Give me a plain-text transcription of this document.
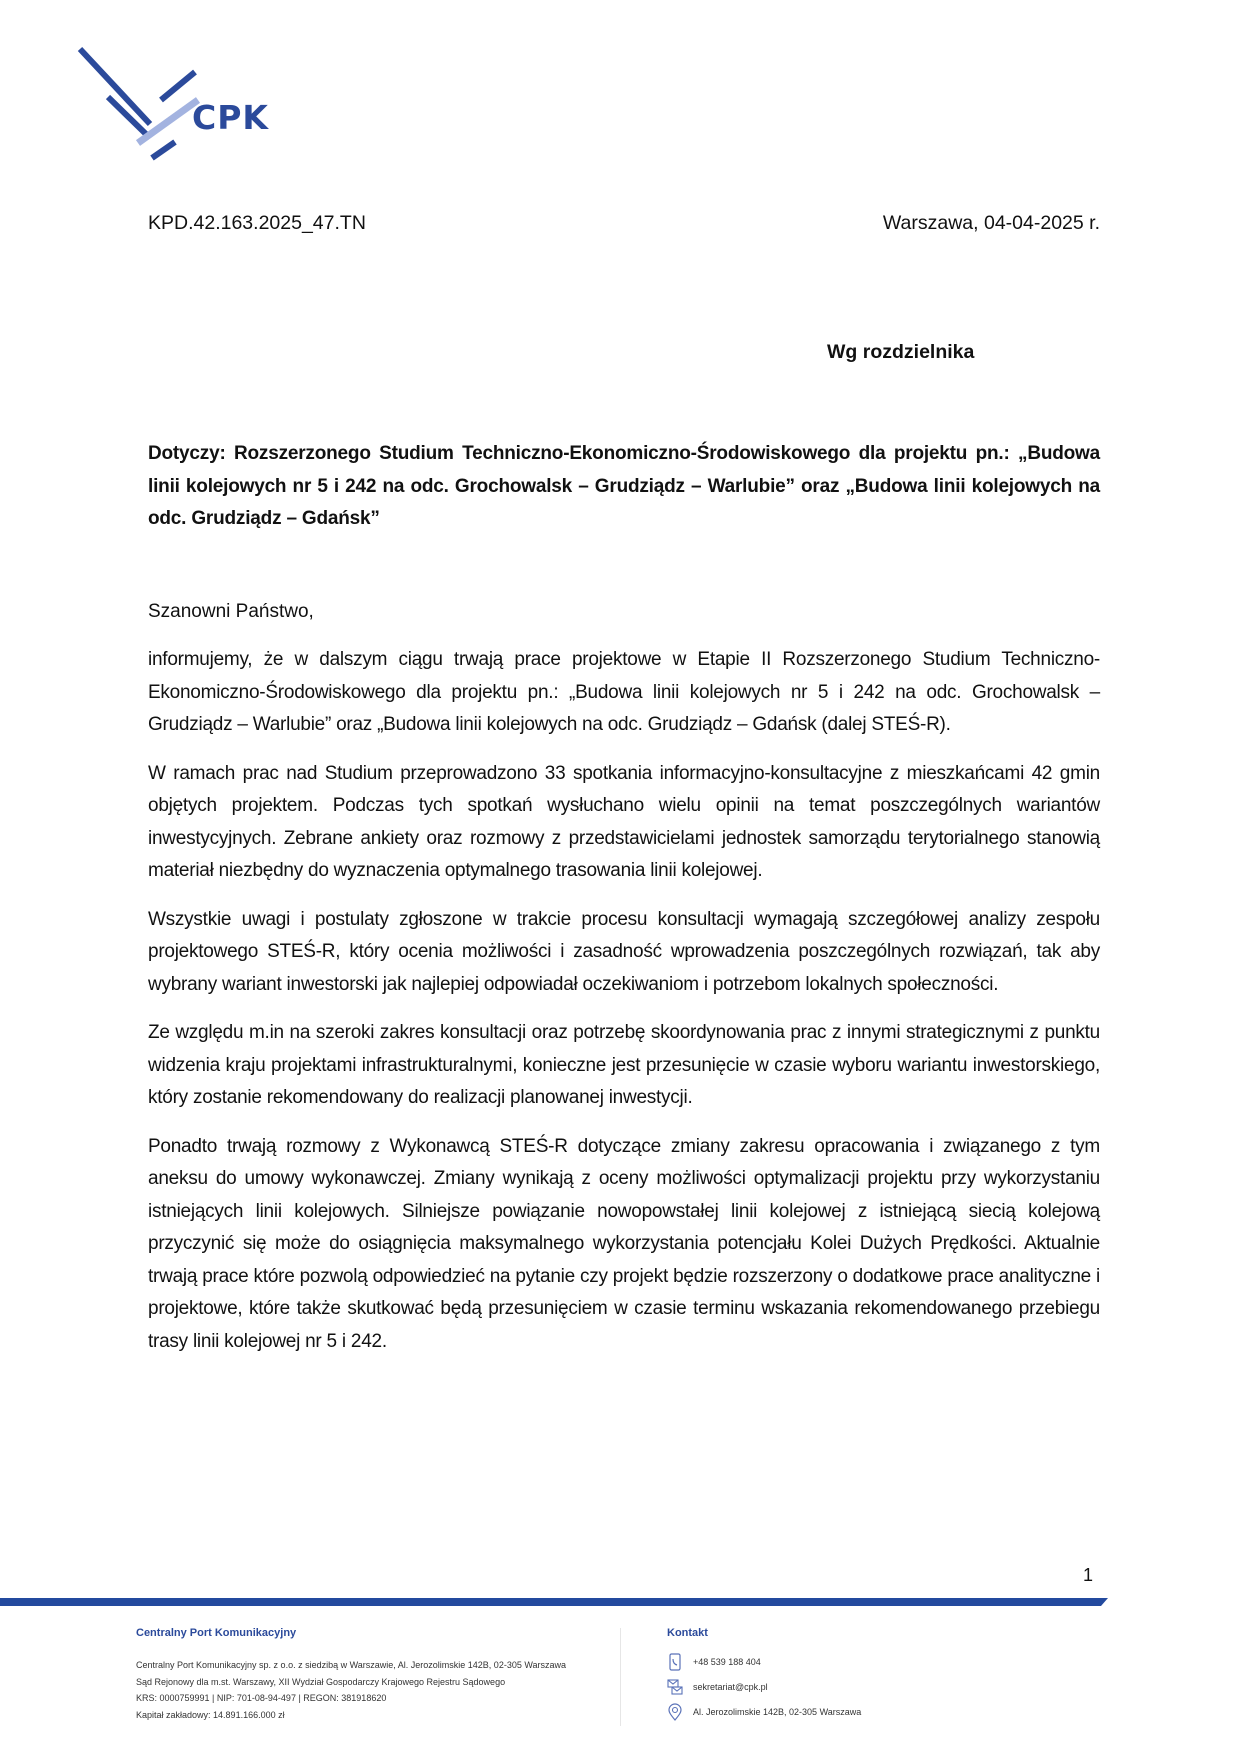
CPK
KPD.42.163.2025_47.TN	Warszawa, 04-04-2025 r.
Wg rozdzielnika

Dotyczy: Rozszerzonego Studium Techniczno-Ekonomiczno-Środowiskowego dla projektu pn.: „Budowa linii kolejowych nr 5 i 242 na odc. Grochowalsk – Grudziądz – Warlubie” oraz „Budowa linii kolejowych na odc. Grudziądz – Gdańsk”

Szanowni Państwo,

informujemy, że w dalszym ciągu trwają prace projektowe w Etapie II Rozszerzonego Studium Techniczno-Ekonomiczno-Środowiskowego dla projektu pn.: „Budowa linii kolejowych nr 5 i 242 na odc. Grochowalsk – Grudziądz – Warlubie” oraz „Budowa linii kolejowych na odc. Grudziądz – Gdańsk (dalej STEŚ-R).

W ramach prac nad Studium przeprowadzono 33 spotkania informacyjno-konsultacyjne z mieszkańcami 42 gmin objętych projektem. Podczas tych spotkań wysłuchano wielu opinii na temat poszczególnych wariantów inwestycyjnych. Zebrane ankiety oraz rozmowy z przedstawicielami jednostek samorządu terytorialnego stanowią materiał niezbędny do wyznaczenia optymalnego trasowania linii kolejowej.

Wszystkie uwagi i postulaty zgłoszone w trakcie procesu konsultacji wymagają szczegółowej analizy zespołu projektowego STEŚ-R, który ocenia możliwości i zasadność wprowadzenia poszczególnych rozwiązań, tak aby wybrany wariant inwestorski jak najlepiej odpowiadał oczekiwaniom i potrzebom lokalnych społeczności.

Ze względu m.in na szeroki zakres konsultacji oraz potrzebę skoordynowania prac z innymi strategicznymi z punktu widzenia kraju projektami infrastrukturalnymi, konieczne jest przesunięcie w czasie wyboru wariantu inwestorskiego, który zostanie rekomendowany do realizacji planowanej inwestycji.

Ponadto trwają rozmowy z Wykonawcą STEŚ-R dotyczące zmiany zakresu opracowania i związanego z tym aneksu do umowy wykonawczej. Zmiany wynikają z oceny możliwości optymalizacji projektu przy wykorzystaniu istniejących linii kolejowych. Silniejsze powiązanie nowopowstałej linii kolejowej z istniejącą siecią kolejową przyczynić się może do osiągnięcia maksymalnego wykorzystania potencjału Kolei Dużych Prędkości. Aktualnie trwają prace które pozwolą odpowiedzieć na pytanie czy projekt będzie rozszerzony o dodatkowe prace analityczne i projektowe, które także skutkować będą przesunięciem w czasie terminu wskazania rekomendowanego przebiegu trasy linii kolejowej nr 5 i 242.

1
Centralny Port Komunikacyjny
Centralny Port Komunikacyjny sp. z o.o. z siedzibą w Warszawie, Al. Jerozolimskie 142B, 02-305 Warszawa
Sąd Rejonowy dla m.st. Warszawy, XII Wydział Gospodarczy Krajowego Rejestru Sądowego
KRS: 0000759991 | NIP: 701-08-94-497 | REGON: 381918620
Kapitał zakładowy: 14.891.166.000 zł
Kontakt
+48 539 188 404
sekretariat@cpk.pl
Al. Jerozolimskie 142B, 02-305 Warszawa
